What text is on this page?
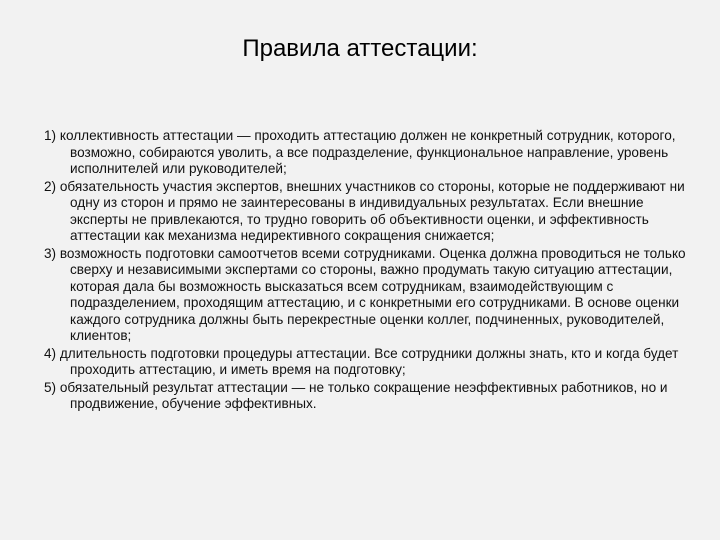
Правила аттестации:

1) коллективность аттестации — проходить аттестацию должен не конкретный сотрудник, которого, возможно, собираются уволить, а все подразделение, функциональное направление, уровень исполнителей или руководителей;

2) обязательность участия экспертов, внешних участников со стороны, которые не поддерживают ни одну из сторон и прямо не заинтересованы в индивидуальных результатах. Если внешние эксперты не привлекаются, то трудно говорить об объективности оценки, и эффективность аттестации как механизма недирективного сокращения снижается;

3) возможность подготовки самоотчетов всеми сотрудниками. Оценка должна проводиться не только сверху и независимыми экспертами со стороны, важно продумать такую ситуацию аттестации, которая дала бы возможность высказаться всем сотрудникам, взаимодействующим с подразделением, проходящим аттестацию, и с конкретными его сотрудниками. В основе оценки каждого сотрудника должны быть перекрестные оценки коллег, подчиненных, руководителей, клиентов;

4) длительность подготовки процедуры аттестации. Все сотрудники должны знать, кто и когда будет проходить аттестацию, и иметь время на подготовку;

5) обязательный результат аттестации — не только сокращение неэффективных работников, но и продвижение, обучение эффективных.
